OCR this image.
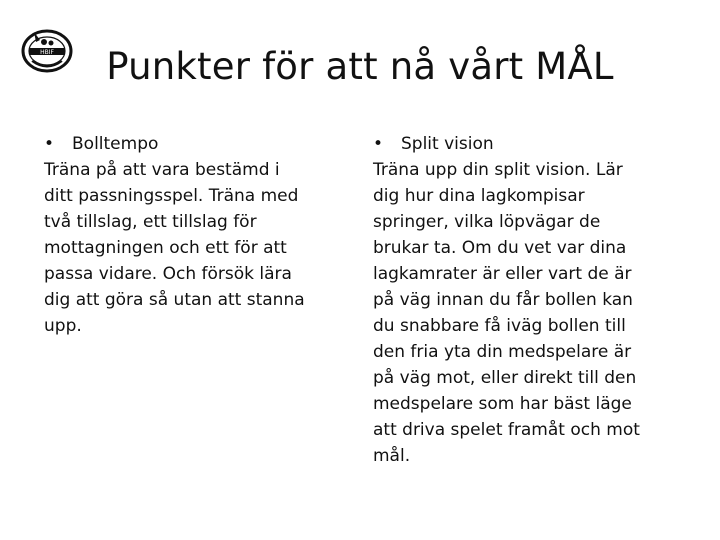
HBIF	Punkter för att nå vårt MÅL
•	Bolltempo
Träna på att vara bestämd i
ditt passningsspel. Träna med
två tillslag, ett tillslag för
mottagningen och ett för att
passa vidare. Och försök lära
dig att göra så utan att stanna
upp.
•	Split vision
Träna upp din split vision. Lär
dig hur dina lagkompisar
springer, vilka löpvägar de
brukar ta. Om du vet var dina
lagkamrater är eller vart de är
på väg innan du får bollen kan
du snabbare få iväg bollen till
den fria yta din medspelare är
på väg mot, eller direkt till den
medspelare som har bäst läge
att driva spelet framåt och mot
mål.
